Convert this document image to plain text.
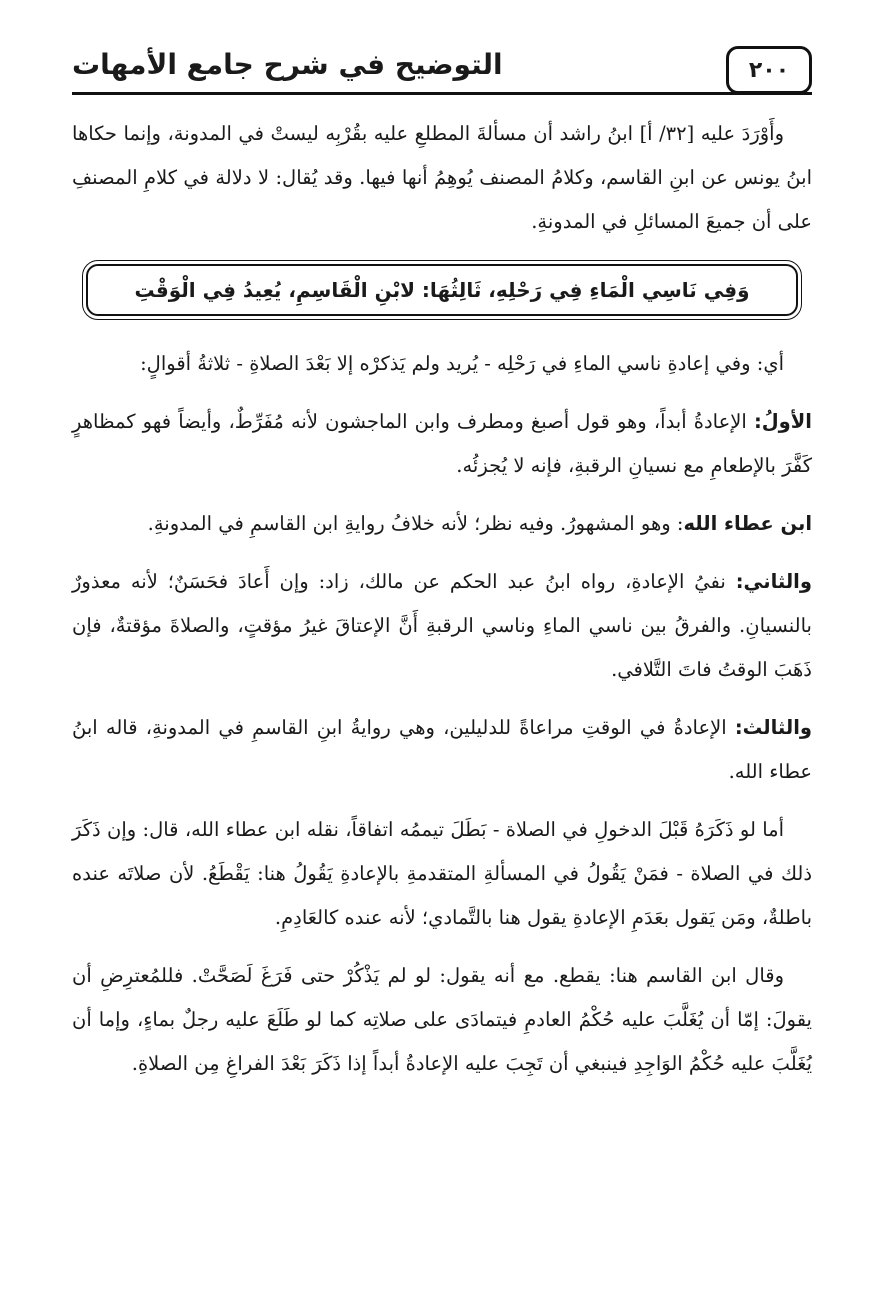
٢٠٠
التوضيح في شرح جامع الأمهات

وأَوْرَدَ عليه [٣٢/ أ] ابنُ راشد أن مسألةَ المطلعِ عليه بقُرْبِه ليستْ في المدونة، وإنما حكاها ابنُ يونس عن ابنِ القاسم، وكلامُ المصنف يُوهِمُ أنها فيها. وقد يُقال: لا دلالة في كلامِ المصنفِ على أن جميعَ المسائلِ في المدونةِ.

وَفِي نَاسِي الْمَاءِ فِي رَحْلِهِ، ثَالِثُهَا: لابْنِ الْقَاسِمِ، يُعِيدُ فِي الْوَقْتِ

أي: وفي إعادةِ ناسي الماءِ في رَحْلِه - يُريد ولم يَذكرْه إلا بَعْدَ الصلاةِ - ثلاثةُ أقوالٍ:

الأولُ: الإعادةُ أبداً، وهو قول أصبغ ومطرف وابن الماجشون لأنه مُفَرِّطٌ، وأيضاً فهو كمظاهرٍ كَفَّرَ بالإطعامِ مع نسيانِ الرقبةِ، فإنه لا يُجزئُه.

ابن عطاء الله: وهو المشهورُ. وفيه نظر؛ لأنه خلافُ روايةِ ابن القاسمِ في المدونةِ.

والثاني: نفيُ الإعادةِ، رواه ابنُ عبد الحكم عن مالك، زاد: وإن أَعادَ فحَسَنٌ؛ لأنه معذورٌ بالنسيانِ. والفرقُ بين ناسي الماءِ وناسي الرقبةِ أَنَّ الإعتاقَ غيرُ مؤقتٍ، والصلاةَ مؤقتةٌ، فإن ذَهَبَ الوقتُ فاتَ التَّلافي.

والثالث: الإعادةُ في الوقتِ مراعاةً للدليلين، وهي روايةُ ابنِ القاسمِ في المدونةِ، قاله ابنُ عطاء الله.

أما لو ذَكَرَهُ قَبْلَ الدخولِ في الصلاة - بَطَلَ تيممُه اتفاقاً، نقله ابن عطاء الله، قال: وإن ذَكَرَ ذلك في الصلاة - فمَنْ يَقُولُ في المسألةِ المتقدمةِ بالإعادةِ يَقُولُ هنا: يَقْطَعُ. لأن صلاتَه عنده باطلةٌ، ومَن يَقول بعَدَمِ الإعادةِ يقول هنا بالتَّمادي؛ لأنه عنده كالعَادِمِ.

وقال ابن القاسم هنا: يقطع. مع أنه يقول: لو لم يَذْكُرْ حتى فَرَغَ لَصَحَّتْ. فللمُعترِضِ أن يقولَ: إمّا أن يُغَلَّبَ عليه حُكْمُ العادمِ فيتمادَى على صلاتِه كما لو طَلَعَ عليه رجلٌ بماءٍ، وإما أن يُغَلَّبَ عليه حُكْمُ الوَاجِدِ فينبغي أن تَجِبَ عليه الإعادةُ أبداً إذا ذَكَرَ بَعْدَ الفراغِ مِن الصلاةِ.
